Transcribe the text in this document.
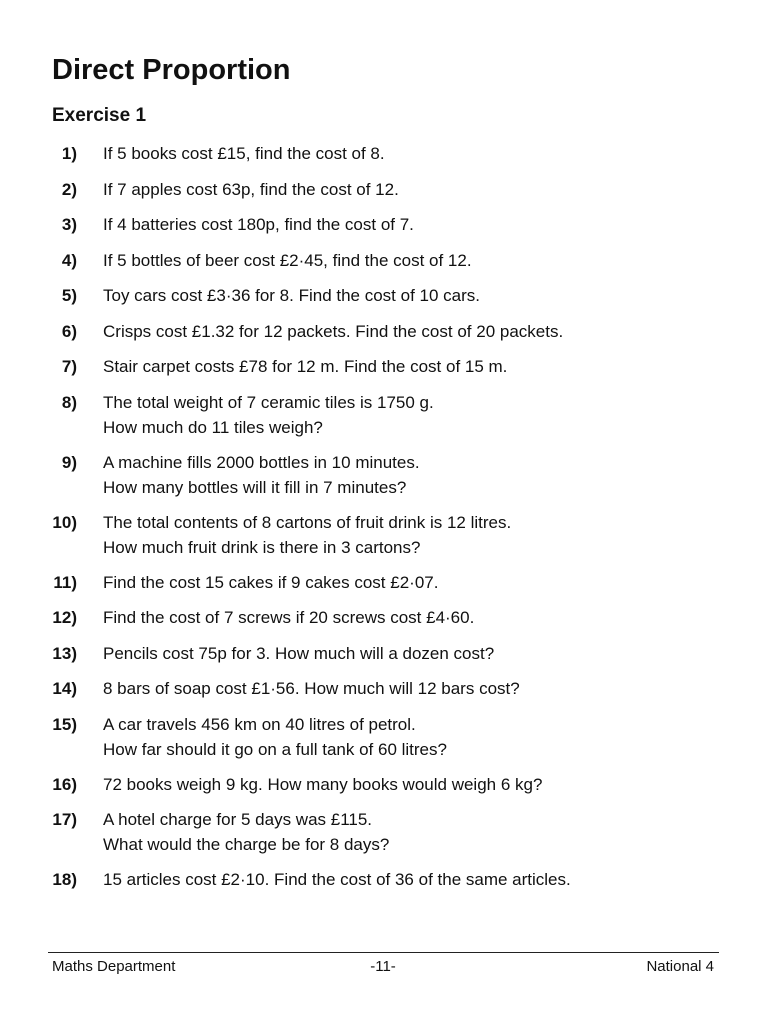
Direct Proportion
Exercise 1
1)	If 5 books cost £15, find the cost of 8.
2)	If 7 apples cost 63p, find the cost of 12.
3)	If 4 batteries cost 180p, find the cost of 7.
4)	If 5 bottles of beer cost £2·45, find the cost of 12.
5)	Toy cars cost £3·36 for 8. Find the cost of 10 cars.
6)	Crisps cost £1.32 for 12 packets. Find the cost of 20 packets.
7)	Stair carpet costs £78 for 12 m. Find the cost of 15 m.
8)	The total weight of 7 ceramic tiles is 1750 g.
How much do 11 tiles weigh?
9)	A machine fills 2000 bottles in 10 minutes.
How many bottles will it fill in 7 minutes?
10)	The total contents of 8 cartons of fruit drink is 12 litres.
How much fruit drink is there in 3 cartons?
11)	Find the cost 15 cakes if 9 cakes cost £2·07.
12)	Find the cost of 7 screws if 20 screws cost £4·60.
13)	Pencils cost 75p for 3. How much will a dozen cost?
14)	8 bars of soap cost £1·56. How much will 12 bars cost?
15)	A car travels 456 km on 40 litres of petrol.
How far should it go on a full tank of 60 litres?
16)	72 books weigh 9 kg. How many books would weigh 6 kg?
17)	A hotel charge for 5 days was £115.
What would the charge be for 8 days?
18)	15 articles cost £2·10. Find the cost of 36 of the same articles.
Maths Department	-11-	National 4
